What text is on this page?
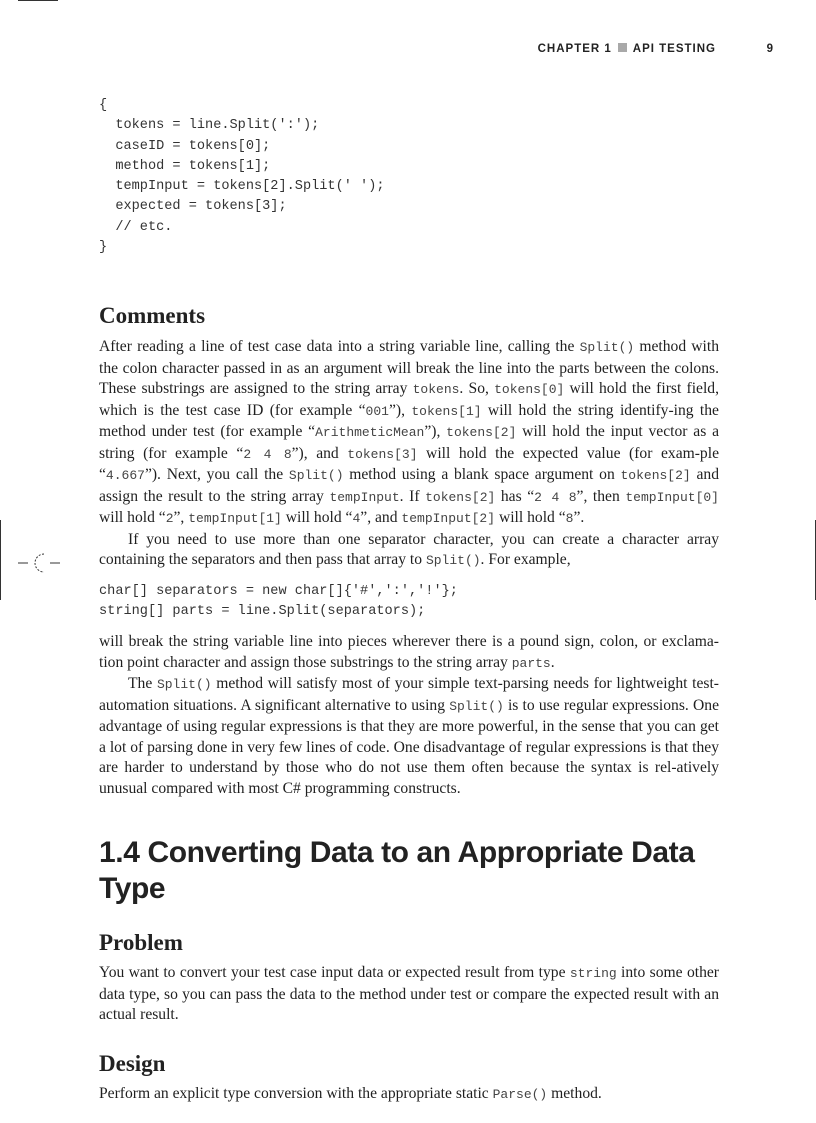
CHAPTER 1 API TESTING	9
{
tokens = line.Split(':');
caseID = tokens[0];
method = tokens[1];
tempInput = tokens[2].Split(' ');
expected = tokens[3];
// etc.
}
Comments

After reading a line of test case data into a string variable line, calling the Split() method with the colon character passed in as an argument will break the line into the parts between the colons. These substrings are assigned to the string array tokens. So, tokens[0] will hold the first field, which is the test case ID (for example “001”), tokens[1] will hold the string identify-ing the method under test (for example “ArithmeticMean”), tokens[2] will hold the input vector as a string (for example “2 4 8”), and tokens[3] will hold the expected value (for exam-ple “4.667”). Next, you call the Split() method using a blank space argument on tokens[2] and assign the result to the string array tempInput. If tokens[2] has “2 4 8”, then tempInput[0] will hold “2”, tempInput[1] will hold “4”, and tempInput[2] will hold “8”.

If you need to use more than one separator character, you can create a character array containing the separators and then pass that array to Split(). For example,

char[] separators = new char[]{'#',':','!'};
string[] parts = line.Split(separators);

will break the string variable line into pieces wherever there is a pound sign, colon, or exclama-tion point character and assign those substrings to the string array parts.

The Split() method will satisfy most of your simple text-parsing needs for lightweight test-automation situations. A significant alternative to using Split() is to use regular expressions. One advantage of using regular expressions is that they are more powerful, in the sense that you can get a lot of parsing done in very few lines of code. One disadvantage of regular expressions is that they are harder to understand by those who do not use them often because the syntax is rel-atively unusual compared with most C# programming constructs.

1.4 Converting Data to an Appropriate Data Type
Problem

You want to convert your test case input data or expected result from type string into some other data type, so you can pass the data to the method under test or compare the expected result with an actual result.

Design

Perform an explicit type conversion with the appropriate static Parse() method.
